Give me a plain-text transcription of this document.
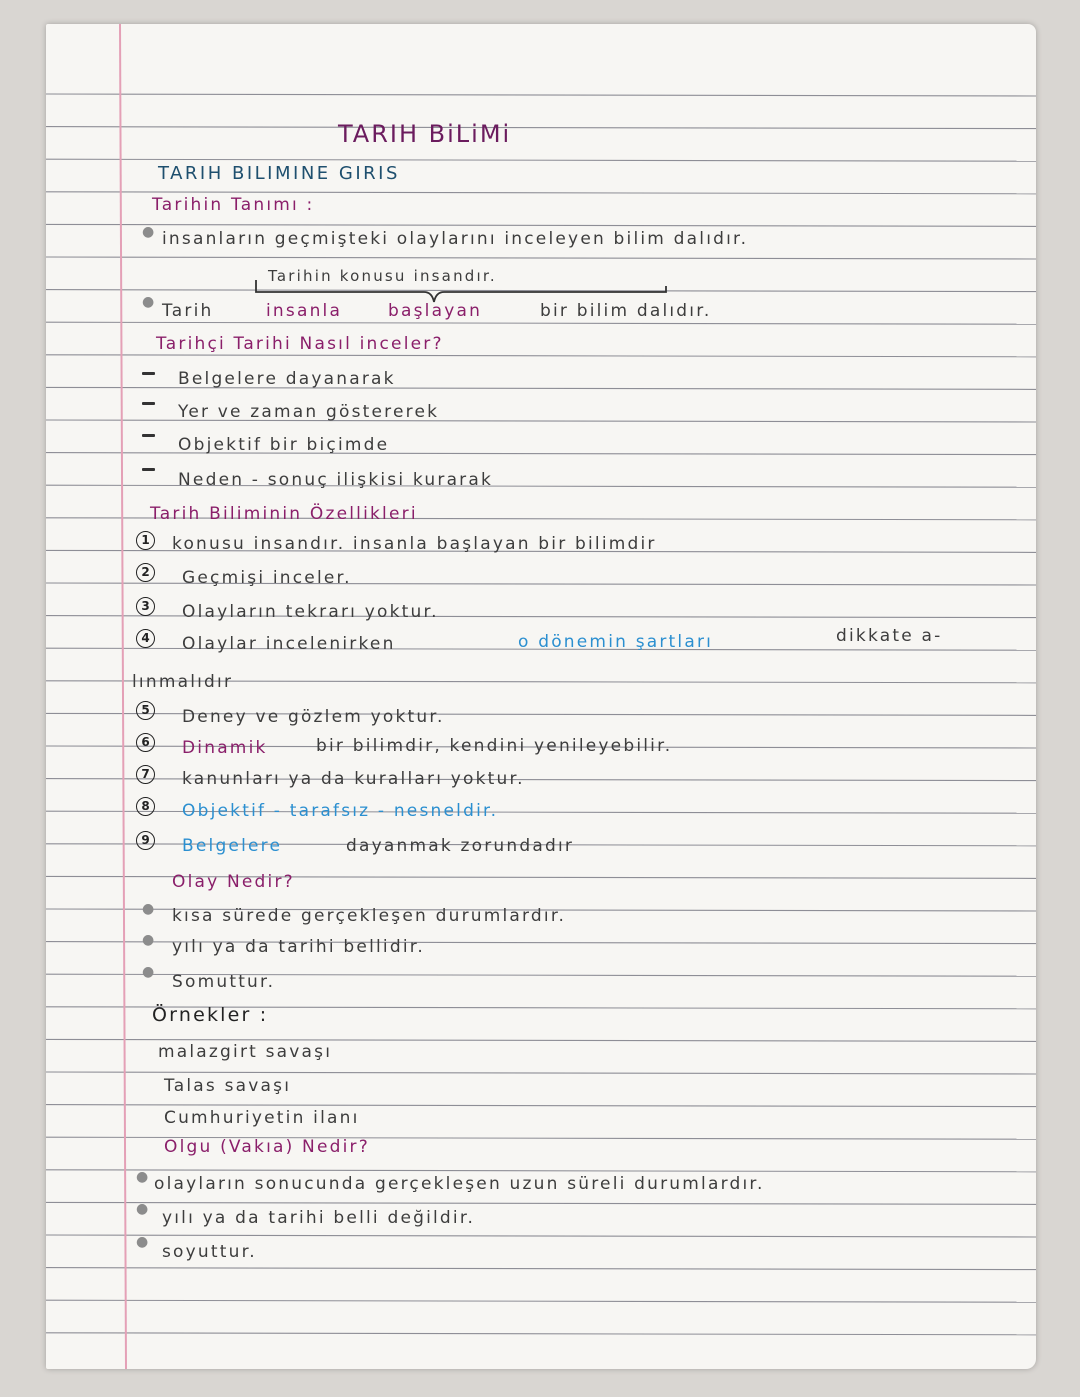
TARIH BiLiMi
TARIH BILIMINE GIRIS
Tarihin Tanımı :
● insanların geçmişteki olaylarını inceleyen bilim dalıdır.
Tarihin konusu insandır.
● Tarih	insanla	başlayan	bir bilim dalıdır.
Tarihçi Tarihi Nasıl inceler?
Belgelere dayanarak
Yer ve zaman göstererek
Objektif bir biçimde
Neden - sonuç ilişkisi kurarak
Tarih Biliminin Özellikleri
1	konusu insandır. insanla başlayan bir bilimdir
2	Geçmişi inceler.
3	Olayların tekrarı yoktur.
4	Olaylar incelenirken	o dönemin şartları	dikkate a-
lınmalıdır
5	Deney ve gözlem yoktur.
6	Dinamik	bir bilimdir, kendini yenileyebilir.
7	kanunları ya da kuralları yoktur.
8	Objektif - tarafsız - nesneldir.
9	Belgelere	dayanmak zorundadır
Olay Nedir?
● kısa sürede gerçekleşen durumlardır.
● yılı ya da tarihi bellidir.
● Somuttur.
Örnekler :
malazgirt savaşı
Talas savaşı
Cumhuriyetin ilanı
Olgu (Vakıa) Nedir?
● olayların sonucunda gerçekleşen uzun süreli durumlardır.
● yılı ya da tarihi belli değildir.
● soyuttur.
